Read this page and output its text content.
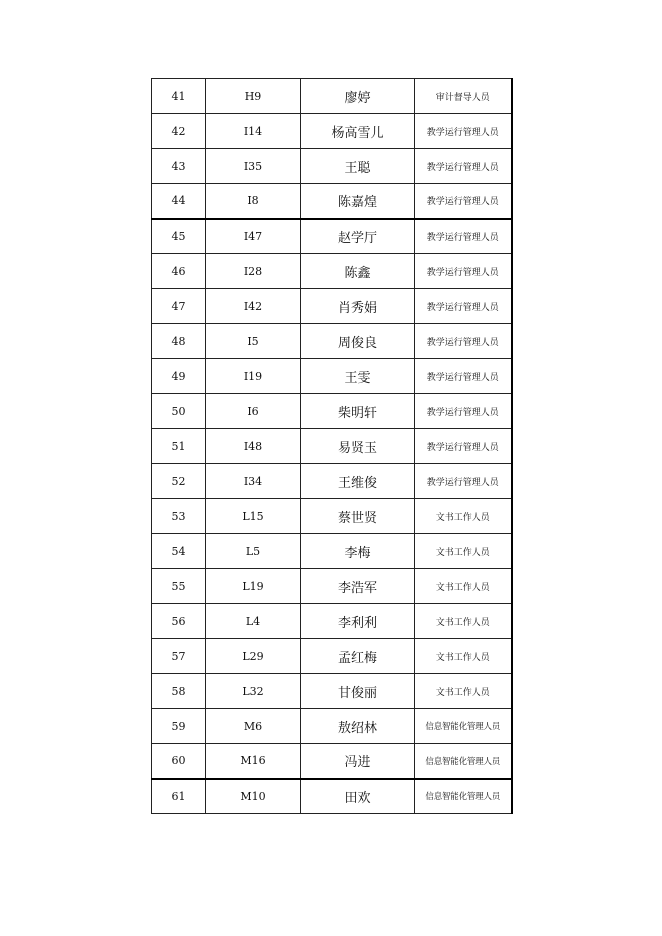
41	H9	廖婷	审计督导人员
42	I14	杨高雪儿	教学运行管理人员
43	I35	王聪	教学运行管理人员
44	I8	陈嘉煌	教学运行管理人员
45	I47	赵学厅	教学运行管理人员
46	I28	陈鑫	教学运行管理人员
47	I42	肖秀娟	教学运行管理人员
48	I5	周俊良	教学运行管理人员
49	I19	王雯	教学运行管理人员
50	I6	柴明轩	教学运行管理人员
51	I48	易贤玉	教学运行管理人员
52	I34	王维俊	教学运行管理人员
53	L15	蔡世贤	文书工作人员
54	L5	李梅	文书工作人员
55	L19	李浩军	文书工作人员
56	L4	李利利	文书工作人员
57	L29	孟红梅	文书工作人员
58	L32	甘俊丽	文书工作人员
59	M6	敖绍林	信息智能化管理人员
60	M16	冯进	信息智能化管理人员
61	M10	田欢	信息智能化管理人员
